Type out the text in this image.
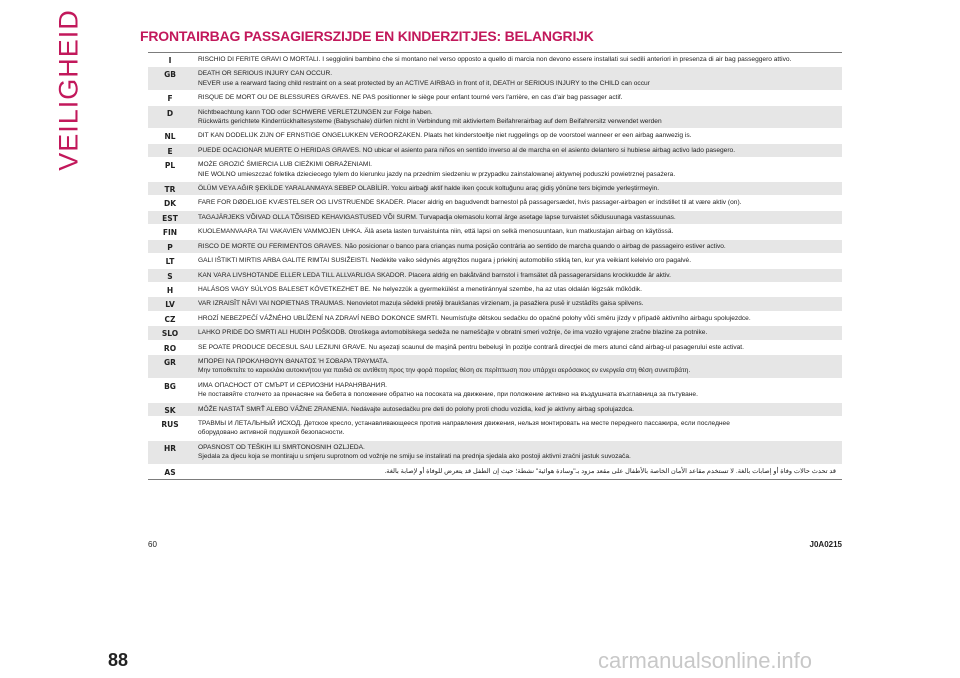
VEILIGHEID	FRONTAIRBAG PASSAGIERSZIJDE EN KINDERZITJES: BELANGRIJK
I	RISCHIO DI FERITE GRAVI O MORTALI. I seggiolini bambino che si montano nel verso opposto a quello di marcia non devono essere installati sui sedili anteriori in presenza di air bag passeggero attivo.
GB	DEATH OR SERIOUS INJURY CAN OCCUR.
NEVER use a rearward facing child restraint on a seat protected by an ACTIVE AIRBAG in front of it, DEATH or SERIOUS INJURY to the CHILD can occur
F	RISQUE DE MORT OU DE BLESSURES GRAVES. NE PAS positionner le siège pour enfant tourné vers l'arrière, en cas d'air bag passager actif.
D	Nichtbeachtung kann TOD oder SCHWERE VERLETZUNGEN zur Folge haben.
Rückwärts gerichtete Kinderrückhaltesysteme (Babyschale) dürfen nicht in Verbindung mit aktiviertem Beifahrerairbag auf dem Beifahrersitz verwendet werden
NL	DIT KAN DODELIJK ZIJN OF ERNSTIGE ONGELUKKEN VEROORZAKEN. Plaats het kinderstoeltje niet ruggelings op de voorstoel wanneer er een airbag aanwezig is.
E	PUEDE OCACIONAR MUERTE O HERIDAS GRAVES. NO ubicar el asiento para niños en sentido inverso al de marcha en el asiento delantero si hubiese airbag activo lado pasegero.
PL	MOŻE GROZIĆ ŚMIERCIA LUB CIEŻKIMI OBRAŻENIAMI.
NIE WOLNO umieszczać foletika dzieciecego tylem do kierunku jazdy na przednim siedzeniu w przypadku zainstalowanej aktywnej poduszki powietrznej pasażera.
TR	ÖLÜM VEYA AĞIR ŞEKİLDE YARALANMAYA SEBEP OLABİLİR. Yolcu airbaği aktif halde iken çocuk koltuğunu araç gidiş yönüne ters biçimde yerleştirmeyin.
DK	FARE FOR DØDELIGE KVÆSTELSER OG LIVSTRUENDE SKADER. Placer aldrig en bagudvendt barnestol på passagersædet, hvis passager-airbagen er indstillet til at være aktiv (on).
EST	TAGAJÄRJEKS VÕIVAD OLLA TÕSISED KEHAVIGASTUSED VÕI SURM. Turvapadja olemasolu korral ärge asetage lapse turvaistet sõidusuunaga vastassuunas.
FIN	KUOLEMANVAARA TAI VAKAVIEN VAMMOJEN UHKA. Älä aseta lasten turvaistuinta niin, että lapsi on selkä menosuuntaan, kun matkustajan airbag on käytössä.
P	RISCO DE MORTE OU FERIMENTOS GRAVES. Não posicionar o banco para crianças numa posição contrária ao sentido de marcha quando o airbag de passageiro estiver activo.
LT	GALI IŠTIKTI MIRTIS ARBA GALITE RIMTAI SUSIŽEISTI. Nedėkite vaiko sėdynės atgręžtos nugara į priekinį automobilio stiklą ten, kur yra veikiant keleivio oro pagalvė.
S	KAN VARA LIVSHOTANDE ELLER LEDA TILL ALLVARLIGA SKADOR. Placera aldrig en bakåtvänd barnstol i framsätet då passagerarsidans krockkudde är aktiv.
H	HALÁSOS VAGY SÚLYOS BALESET KÖVETKEZHET BE. Ne helyezzük a gyermekülést a menetiránnyal szembe, ha az utas oldalán légzsák működik.
LV	VAR IZRAISĪT NĀVI VAI NOPIETNAS TRAUMAS. Nenovietot mazuļa sēdekli pretēji braukšanas virzienam, ja pasažiera pusē ir uzstādīts gaisa spilvens.
CZ	HROZÍ NEBEZPEČÍ VÁŽNÉHO UBLÍŽENÍ NA ZDRAVÍ NEBO DOKONCE SMRTI. Neumísťujte dětskou sedačku do opačné polohy vůči směru jízdy v případě aktivního airbagu spolujezdce.
SLO	LAHKO PRIDE DO SMRTI ALI HUDIH POŠKODB. Otroškega avtomobilskega sedeža ne nameščajte v obratni smeri vožnje, če ima vozilo vgrajene zračne blazine za potnike.
RO	SE POATE PRODUCE DECESUL SAU LEZIUNI GRAVE. Nu aşezaţi scaunul de maşină pentru bebeluşi în poziţie contrară direcţiei de mers atunci când airbag-ul pasagerului este activat.
GR	ΜΠΟΡΕΙ ΝΑ ΠΡΟΚΛΗΘΟΥΝ ΘΑΝΑΤΟΣ Ή ΣΟΒΑΡΑ ΤΡΑΥΜΑΤΑ.
Μην τοποθετείτε το καρεκλάκι αυτοκινήτου για παιδιά σε αντίθετη προς την φορά πορείας θέση σε περίπτωση που υπάρχει αερόσακος εν ενεργεία στη θέση συνεπιβάτη.
BG	ИМА ОПАСНОСТ ОТ СМЪРТ И СЕРИОЗНИ НАРАНЯВАНИЯ.
Не поставяйте столчето за пренасяне на бебета в положение обратно на посоката на движение, при положение активно на въздушната възглавница за пътуване.
SK	MÔŽE NASTAŤ SMRŤ ALEBO VÁŽNE ZRANENIA. Nedávajte autosedačku pre deti do polohy proti chodu vozidla, keď je aktívny airbag spolujazdca.
RUS	ТРАВМЫ И ЛЕТАЛЬНЫЙ ИСХОД. Детское кресло, устанавливающееся против направления движения, нельзя монтировать на месте переднего пассажира, если последнее
оборудовано активной подушкой безопасности.
HR	OPASNOST OD TEŠKIH ILI SMRTONOSNIH OZLJEDA.
Sjedala za djecu koja se montiraju u smjeru suprotnom od vožnje ne smiju se instalirati na prednja sjedala ako postoji aktivni zračni jastuk suvozača.
AS	قد تحدث حالات وفاة أو إصابات بالغة. لا تستخدم مقاعد الأمان الخاصة بالأطفال على مقعد مزود بـ"وسادة هوائية" نشطة؛ حيث إن الطفل قد يتعرض للوفاة أو لإصابة بالغة.
60	J0A0215
88	carmanualsonline.info
